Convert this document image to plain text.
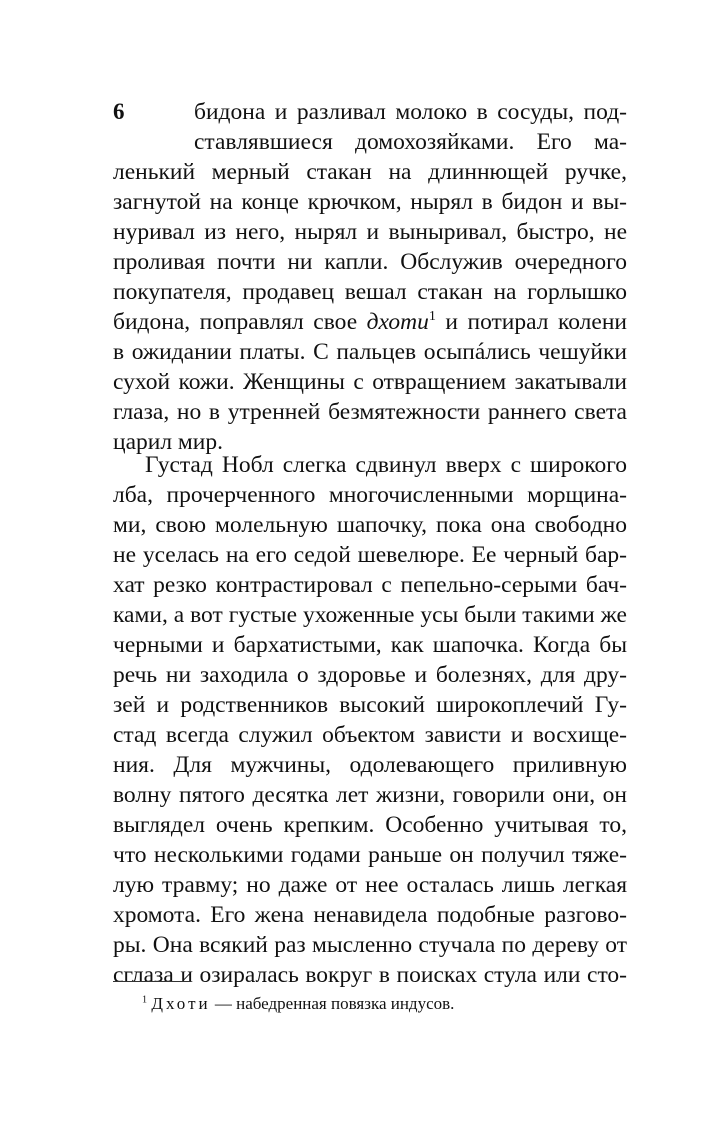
6	бидона и разливал молоко в сосуды, под-
ставлявшиеся домохозяйками. Его ма-
ленький мерный стакан на длиннющей ручке,
загнутой на конце крючком, нырял в бидон и вы-
нyривал из него, нырял и выныривал, быстро, не
проливая почти ни капли. Обслужив очередного
покупателя, продавец вешал стакан на горлышко
бидона, поправлял свое дхоти$^1$ и потирал колени
в ожидании платы. С пальцев осыпáлись чешуйки
сухой кожи. Женщины с отвращением закатывали
глаза, но в утренней безмятежности раннего света
царил мир.
Густад Нобл слегка сдвинул вверх с широкого
лба, прочерченного многочисленными морщина-
ми, свою молельную шапочку, пока она свободно
не уселась на его седой шевелюре. Ее черный бар-
хат резко контрастировал с пепельно-серыми бач-
ками, а вот густые ухоженные усы были такими же
черными и бархатистыми, как шапочка. Когда бы
речь ни заходила о здоровье и болезнях, для дру-
зей и родственников высокий широкоплечий Гу-
стад всегда служил объектом зависти и восхище-
ния. Для мужчины, одолевающего приливную
волну пятого десятка лет жизни, говорили они, он
выглядел очень крепким. Особенно учитывая то,
что несколькими годами раньше он получил тяже-
лую травму; но даже от нее осталась лишь легкая
хромота. Его жена ненавидела подобные разгово-
ры. Она всякий раз мысленно стучала по дереву от
сглаза и озиралась вокруг в поисках стула или сто-
$^1$ Дхоти — набедренная повязка индусов.
